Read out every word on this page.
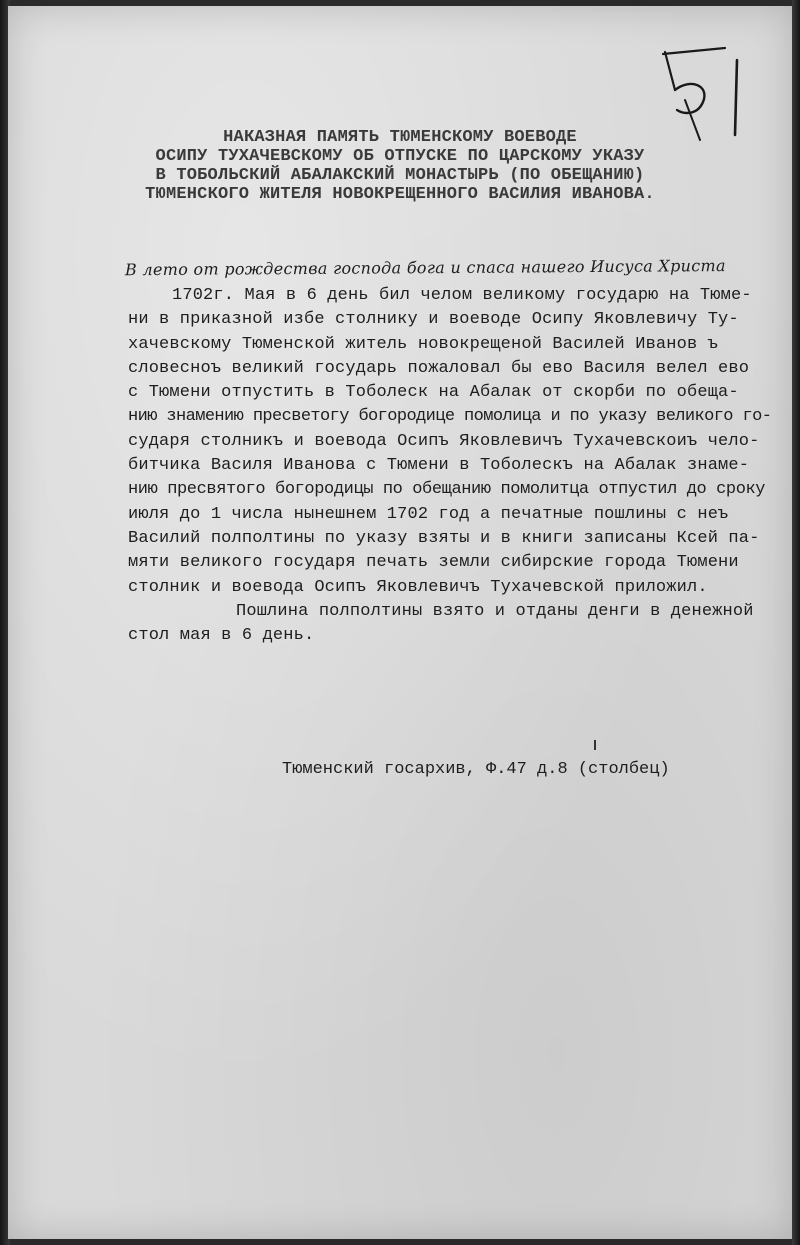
НАКАЗНАЯ ПАМЯТЬ ТЮМЕНСКОМУ ВОЕВОДЕ
ОСИПУ ТУХАЧЕВСКОМУ ОБ ОТПУСКЕ ПО ЦАРСКОМУ УКАЗУ
В ТОБОЛЬСКИЙ АБАЛАКСКИЙ МОНАСТЫРЬ (ПО ОБЕЩАНИЮ)
ТЮМЕНСКОГО ЖИТЕЛЯ НОВОКРЕЩЕННОГО ВАСИЛИЯ ИВАНОВА.
В лето от рождества господа бога и спаса нашего Иисуса Христа
1702г. Мая в 6 день бил челом великому государю на Тюме-
ни в приказной избе столнику и воеводе Осипу Яковлевичу Ту-
хачевскому Тюменской житель новокрещеной Василей Иванов ъ
словесноъ великий государь пожаловал бы ево Василя велел ево
с Тюмени отпустить в Тоболеск на Абалак от скорби по обеща-
нию знамению пресветогу богородице помолица и по указу великого го-
сударя столникъ и воевода Осипъ Яковлевичъ Тухачевскоиъ чело-
битчика Василя Иванова с Тюмени в Тоболескъ на Абалак знаме-
нию пресвятого богородицы по обещанию помолитца отпустил до сроку
июля до 1 числа нынешнем 1702 год а печатные пошлины с неъ
Василий полполтины по указу взяты и в книги записаны Ксей па-
мяти великого государя печать земли сибирские города Тюмени
столник и воевода Осипъ Яковлевичъ Тухачевской приложил.
Пошлина полполтины взято и отданы денги в денежной
стол мая в 6 день.
Тюменский госархив, Ф.47 д.8 (столбец)
